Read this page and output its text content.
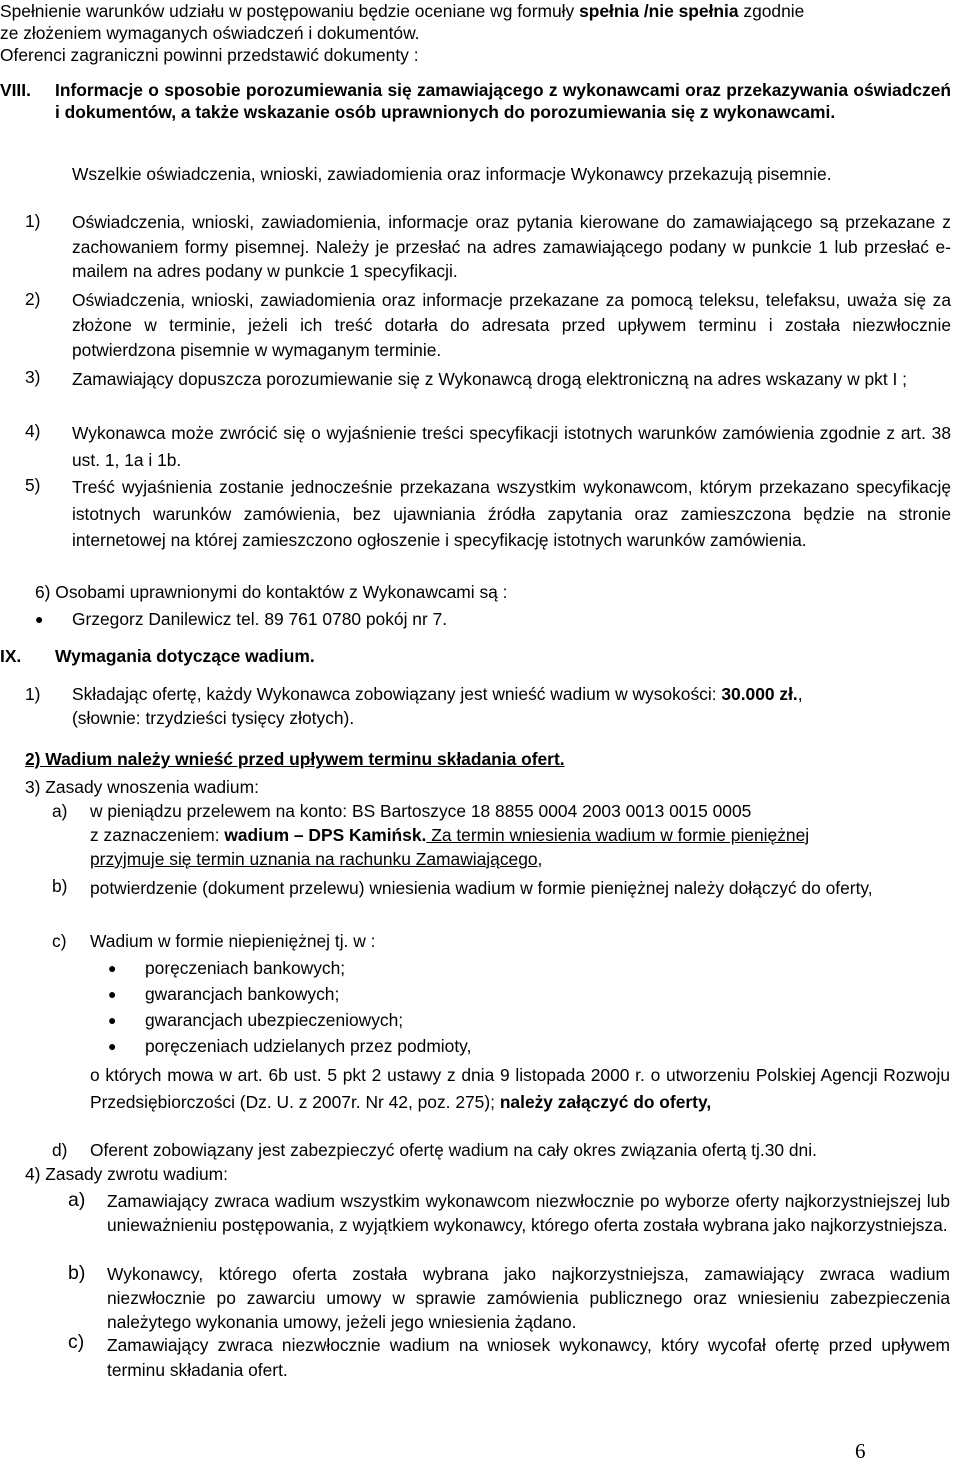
Spełnienie warunków udziału w postępowaniu będzie oceniane wg formuły spełnia /nie spełnia zgodnie
ze złożeniem wymaganych oświadczeń i dokumentów.
Oferenci zagraniczni powinni przedstawić dokumenty :
VIII. Informacje o sposobie porozumiewania się zamawiającego z wykonawcami oraz przekazywania oświadczeń i dokumentów, a także wskazanie osób uprawnionych do porozumiewania się z wykonawcami.
Wszelkie oświadczenia, wnioski, zawiadomienia oraz informacje Wykonawcy przekazują pisemnie.
1) Oświadczenia, wnioski, zawiadomienia, informacje oraz pytania kierowane do zamawiającego są przekazane z zachowaniem formy pisemnej. Należy je przesłać na adres zamawiającego podany w punkcie 1 lub przesłać e-mailem na adres podany w punkcie 1 specyfikacji.
2) Oświadczenia, wnioski, zawiadomienia oraz informacje przekazane za pomocą teleksu, telefaksu, uważa się za złożone w terminie, jeżeli ich treść dotarła do adresata przed upływem terminu i została niezwłocznie potwierdzona pisemnie w wymaganym terminie.
3) Zamawiający dopuszcza porozumiewanie się z Wykonawcą drogą elektroniczną na adres wskazany w pkt I ;
4) Wykonawca może zwrócić się o wyjaśnienie treści specyfikacji istotnych warunków zamówienia zgodnie z art. 38 ust. 1, 1a i 1b.
5) Treść wyjaśnienia zostanie jednocześnie przekazana wszystkim wykonawcom, którym przekazano specyfikację istotnych warunków zamówienia, bez ujawniania źródła zapytania oraz zamieszczona będzie na stronie internetowej na której zamieszczono ogłoszenie i specyfikację istotnych warunków zamówienia.
6) Osobami uprawnionymi do kontaktów z Wykonawcami są :
● Grzegorz Danilewicz tel. 89 761 0780 pokój nr 7.
IX. Wymagania dotyczące wadium.
1) Składając ofertę, każdy Wykonawca zobowiązany jest wnieść wadium w wysokości: 30.000 zł.,
(słownie: trzydzieści tysięcy złotych).
2) Wadium należy wnieść przed upływem terminu składania ofert.
3) Zasady wnoszenia wadium:
a) w pieniądzu przelewem na konto: BS Bartoszyce 18 8855 0004 2003 0013 0015 0005
z zaznaczeniem: wadium – DPS Kamińsk. Za termin wniesienia wadium w formie pieniężnej
przyjmuje się termin uznania na rachunku Zamawiającego,
b) potwierdzenie (dokument przelewu) wniesienia wadium w formie pieniężnej należy dołączyć do oferty,
c) Wadium w formie niepieniężnej tj. w :
● poręczeniach bankowych;
● gwarancjach bankowych;
● gwarancjach ubezpieczeniowych;
● poręczeniach udzielanych przez podmioty,
o których mowa w art. 6b ust. 5 pkt 2 ustawy z dnia 9 listopada 2000 r. o utworzeniu Polskiej Agencji Rozwoju Przedsiębiorczości (Dz. U. z 2007r. Nr 42, poz. 275); należy załączyć do oferty,
d) Oferent zobowiązany jest zabezpieczyć ofertę wadium na cały okres związania ofertą tj.30 dni.
4) Zasady zwrotu wadium:
a) Zamawiający zwraca wadium wszystkim wykonawcom niezwłocznie po wyborze oferty najkorzystniejszej lub unieważnieniu postępowania, z wyjątkiem wykonawcy, którego oferta została wybrana jako najkorzystniejsza.
b) Wykonawcy, którego oferta została wybrana jako najkorzystniejsza, zamawiający zwraca wadium niezwłocznie po zawarciu umowy w sprawie zamówienia publicznego oraz wniesieniu zabezpieczenia należytego wykonania umowy, jeżeli jego wniesienia żądano.
c) Zamawiający zwraca niezwłocznie wadium na wniosek wykonawcy, który wycofał ofertę przed upływem terminu składania ofert.
6
